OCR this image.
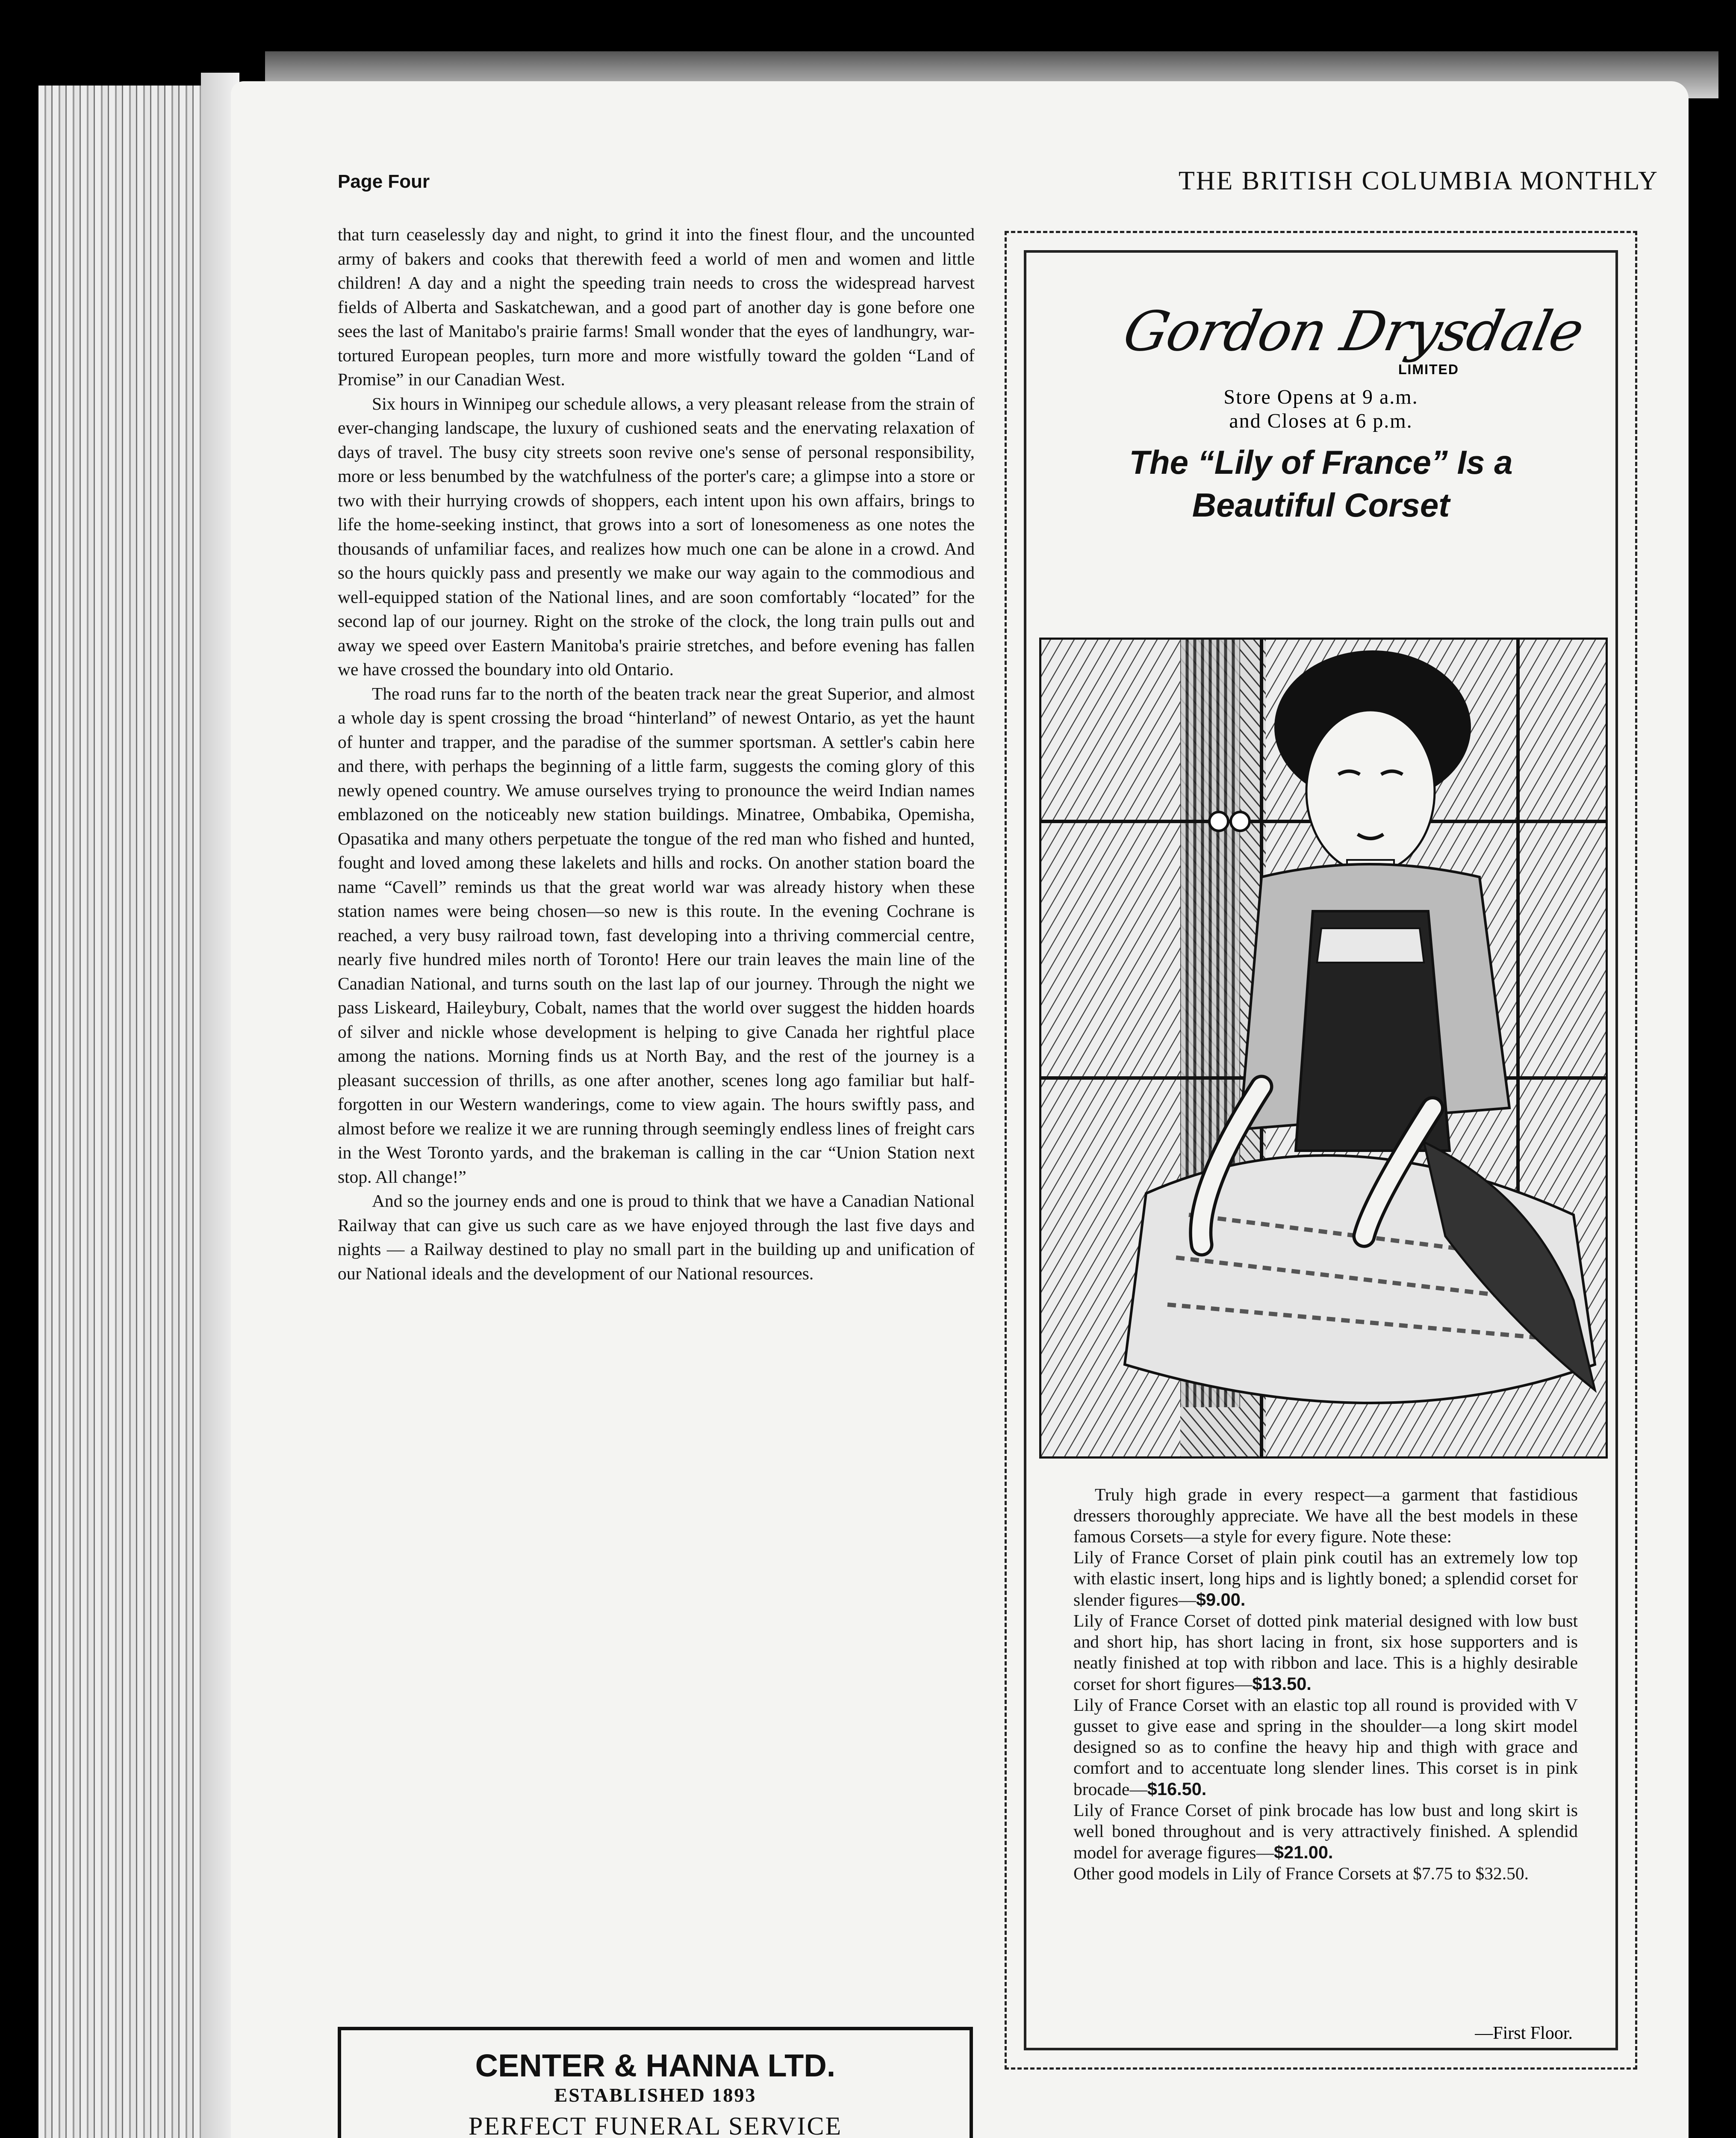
Page Four	THE BRITISH COLUMBIA MONTHLY

that turn ceaselessly day and night, to grind it into the finest flour, and the uncounted army of bakers and cooks that therewith feed a world of men and women and little children! A day and a night the speeding train needs to cross the widespread harvest fields of Alberta and Saskatchewan, and a good part of another day is gone before one sees the last of Manitabo's prairie farms! Small wonder that the eyes of landhungry, war-tortured European peoples, turn more and more wistfully toward the golden “Land of Promise” in our Canadian West.

Six hours in Winnipeg our schedule allows, a very pleasant release from the strain of ever-changing landscape, the luxury of cushioned seats and the enervating relaxation of days of travel. The busy city streets soon revive one's sense of personal responsibility, more or less benumbed by the watchfulness of the porter's care; a glimpse into a store or two with their hurrying crowds of shoppers, each intent upon his own affairs, brings to life the home-seeking instinct, that grows into a sort of lonesomeness as one notes the thousands of unfamiliar faces, and realizes how much one can be alone in a crowd. And so the hours quickly pass and presently we make our way again to the commodious and well-equipped station of the National lines, and are soon comfortably “located” for the second lap of our journey. Right on the stroke of the clock, the long train pulls out and away we speed over Eastern Manitoba's prairie stretches, and before evening has fallen we have crossed the boundary into old Ontario.

The road runs far to the north of the beaten track near the great Superior, and almost a whole day is spent crossing the broad “hinterland” of newest Ontario, as yet the haunt of hunter and trapper, and the paradise of the summer sportsman. A settler's cabin here and there, with perhaps the beginning of a little farm, suggests the coming glory of this newly opened country. We amuse ourselves trying to pronounce the weird Indian names emblazoned on the noticeably new station buildings. Minatree, Ombabika, Opemisha, Opasatika and many others perpetuate the tongue of the red man who fished and hunted, fought and loved among these lakelets and hills and rocks. On another station board the name “Cavell” reminds us that the great world war was already history when these station names were being chosen—so new is this route. In the evening Cochrane is reached, a very busy railroad town, fast developing into a thriving commercial centre, nearly five hundred miles north of Toronto! Here our train leaves the main line of the Canadian National, and turns south on the last lap of our journey. Through the night we pass Liskeard, Haileybury, Cobalt, names that the world over suggest the hidden hoards of silver and nickle whose development is helping to give Canada her rightful place among the nations. Morning finds us at North Bay, and the rest of the journey is a pleasant succession of thrills, as one after another, scenes long ago familiar but half-forgotten in our Western wanderings, come to view again. The hours swiftly pass, and almost before we realize it we are running through seemingly endless lines of freight cars in the West Toronto yards, and the brakeman is calling in the car “Union Station next stop. All change!”

And so the journey ends and one is proud to think that we have a Canadian National Railway that can give us such care as we have enjoyed through the last five days and nights — a Railway destined to play no small part in the building up and unification of our National ideals and the development of our National resources.

CENTER & HANNA LTD.
ESTABLISHED 1893
PERFECT FUNERAL SERVICE
Gordon Drysdale
LIMITED
Store Opens at 9 a.m.
and Closes at 6 p.m.
The “Lily of France” Is a
Beautiful Corset

Truly high grade in every respect—a garment that fastidious dressers thoroughly appreciate. We have all the best models in these famous Corsets—a style for every figure. Note these:

Lily of France Corset of plain pink coutil has an extremely low top with elastic insert, long hips and is lightly boned; a splendid corset for slender figures—$9.00.

Lily of France Corset of dotted pink material designed with low bust and short hip, has short lacing in front, six hose supporters and is neatly finished at top with ribbon and lace. This is a highly desirable corset for short figures—$13.50.

Lily of France Corset with an elastic top all round is provided with V gusset to give ease and spring in the shoulder—a long skirt model designed so as to confine the heavy hip and thigh with grace and comfort and to accentuate long slender lines. This corset is in pink brocade—$16.50.

Lily of France Corset of pink brocade has low bust and long skirt is well boned throughout and is very attractively finished. A splendid model for average figures—$21.00.

Other good models in Lily of France Corsets at $7.75 to $32.50.

—First Floor.
